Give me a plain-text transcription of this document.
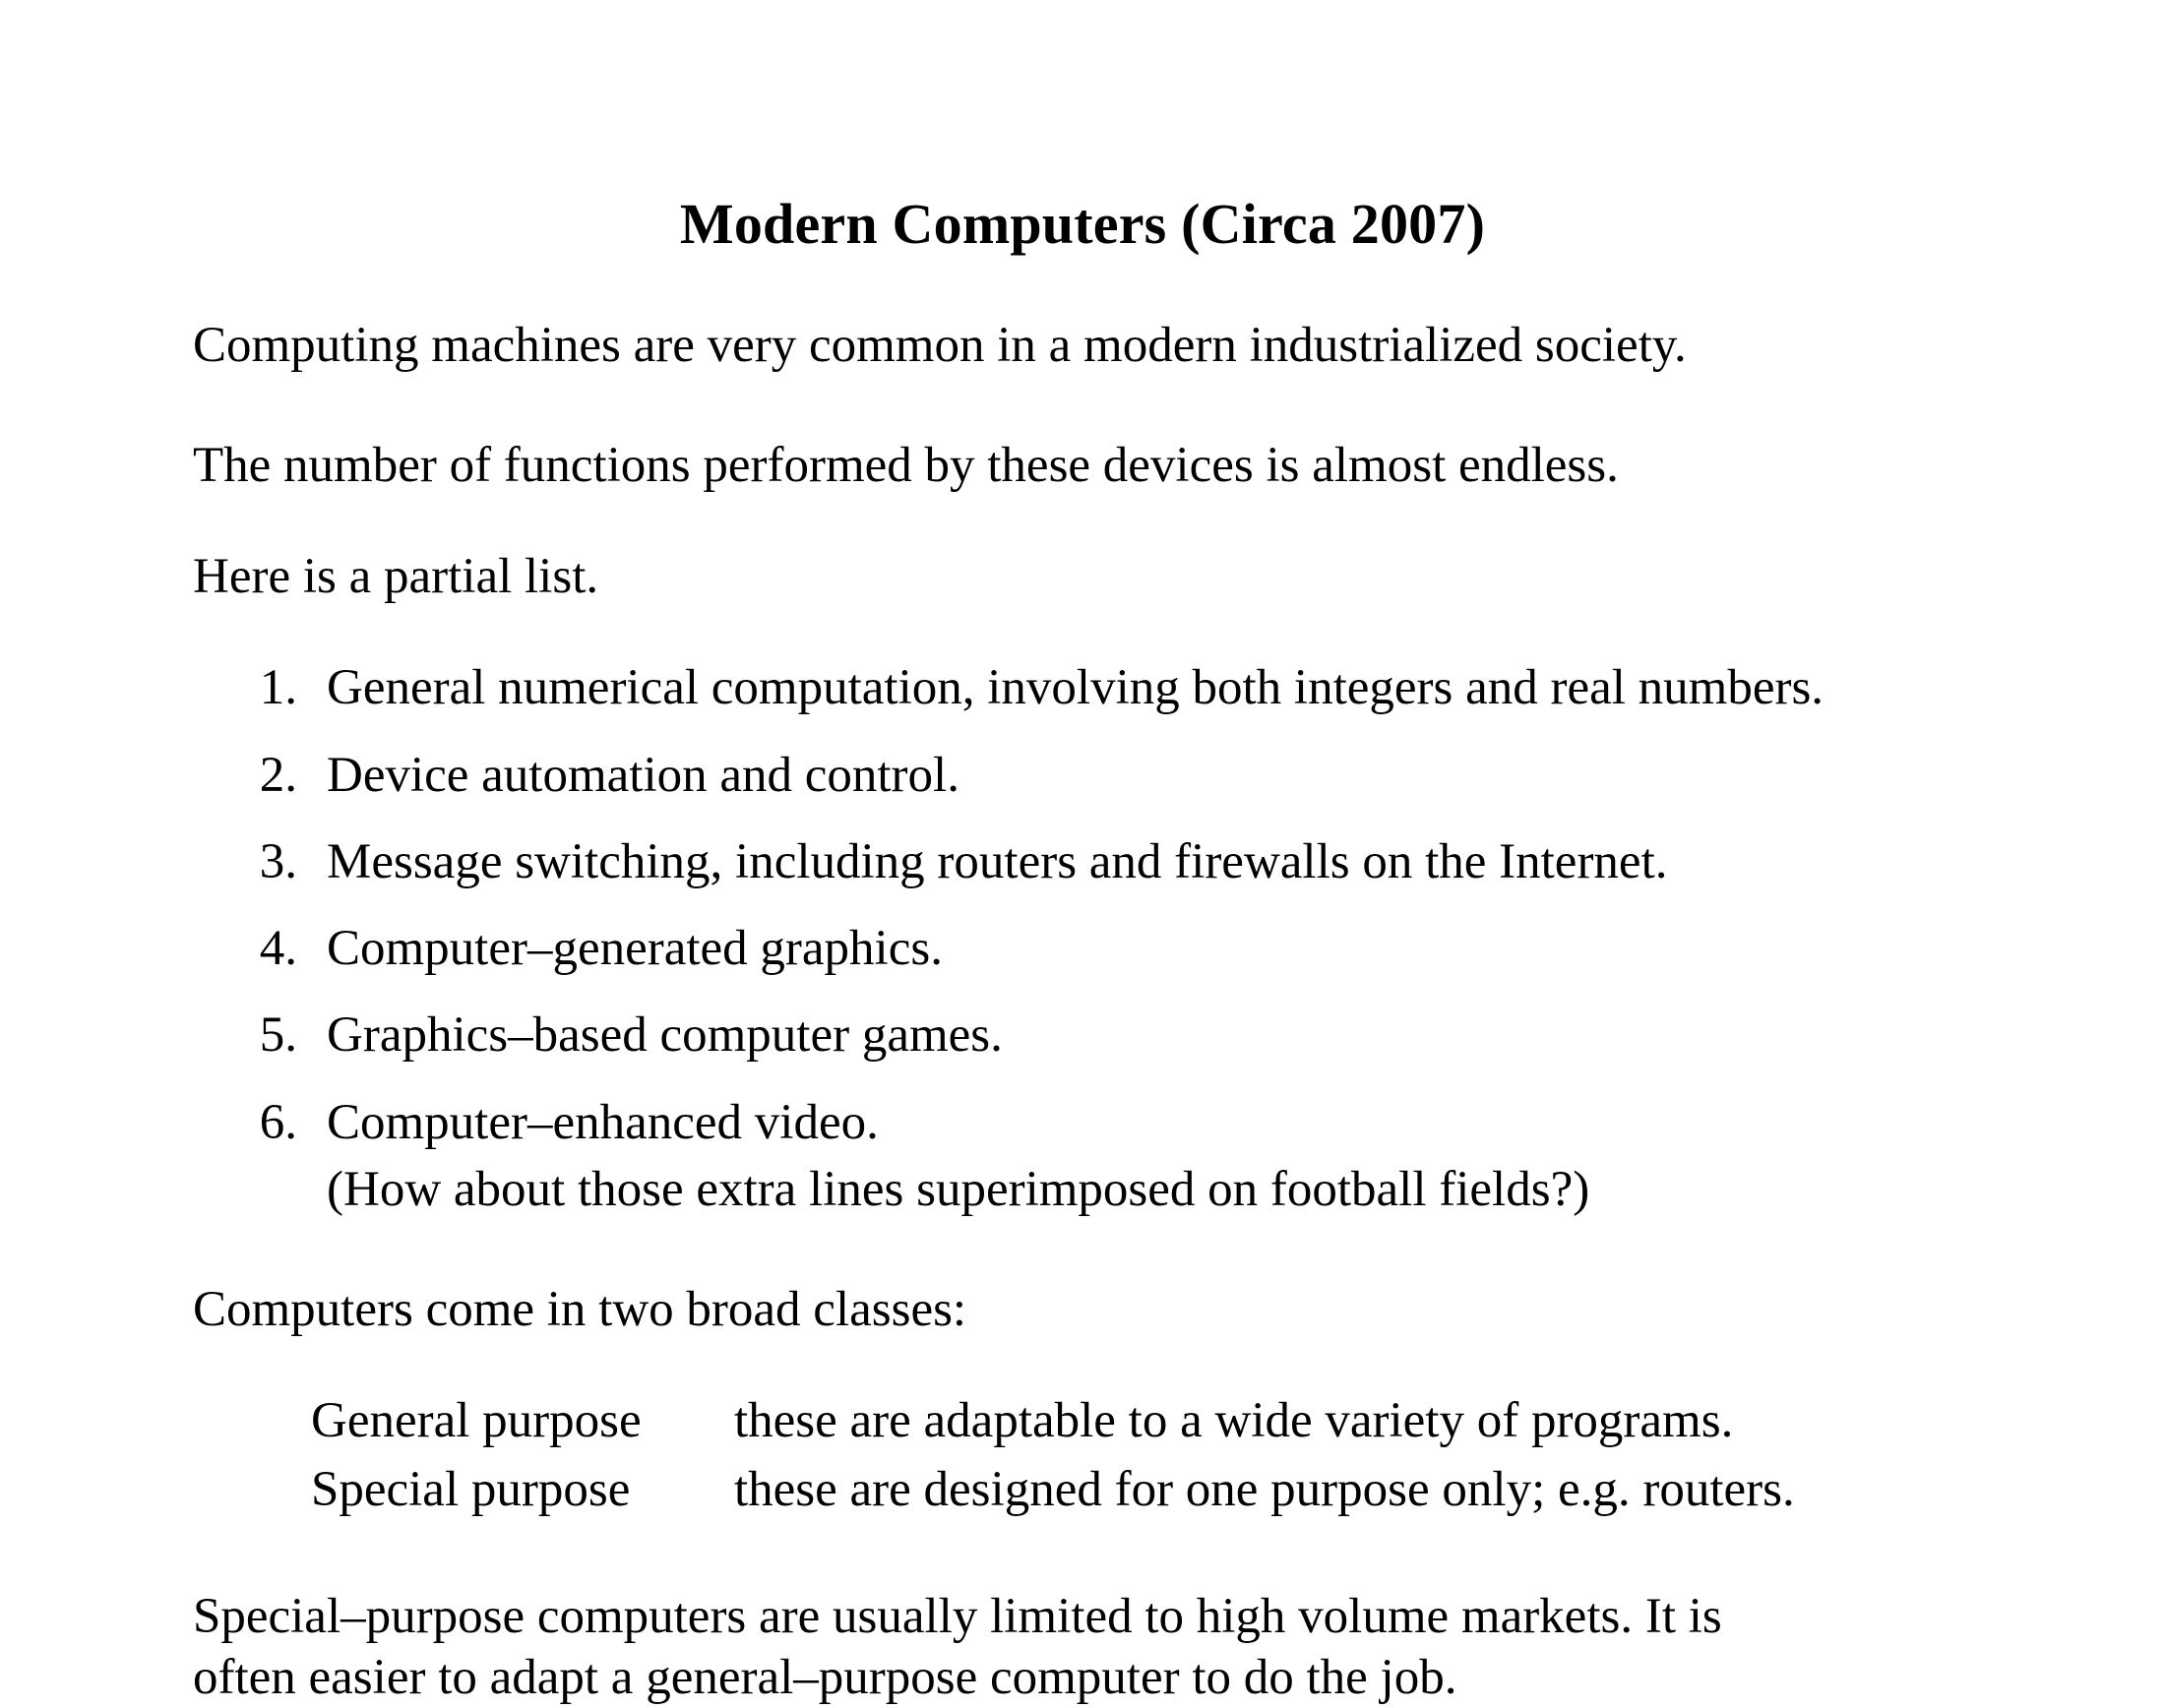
Modern Computers (Circa 2007)

Computing machines are very common in a modern industrialized society.

The number of functions performed by these devices is almost endless.

Here is a partial list.

1. General numerical computation, involving both integers and real numbers.
2. Device automation and control.
3. Message switching, including routers and firewalls on the Internet.
4. Computer–generated graphics.
5. Graphics–based computer games.
6. Computer–enhanced video.
(How about those extra lines superimposed on football fields?)

Computers come in two broad classes:

General purpose	these are adaptable to a wide variety of programs.
Special purpose	these are designed for one purpose only; e.g. routers.
Special–purpose computers are usually limited to high volume markets. It is
often easier to adapt a general–purpose computer to do the job.
